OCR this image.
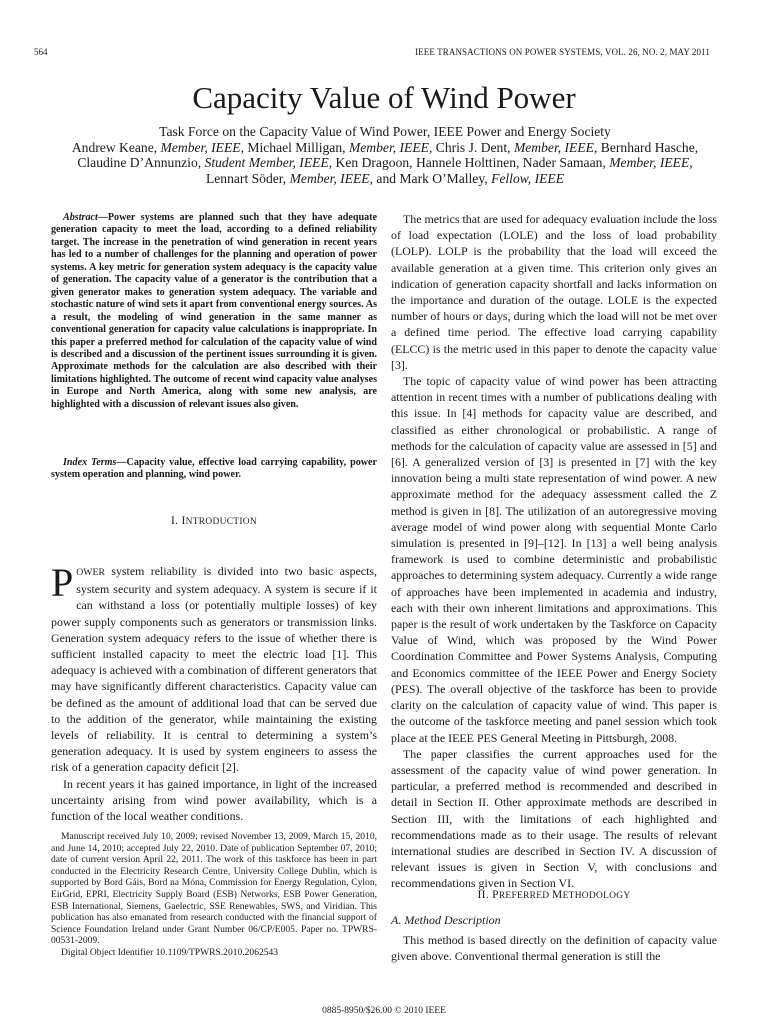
564	IEEE TRANSACTIONS ON POWER SYSTEMS, VOL. 26, NO. 2, MAY 2011
Capacity Value of Wind Power
Task Force on the Capacity Value of Wind Power, IEEE Power and Energy Society
Andrew Keane, Member, IEEE, Michael Milligan, Member, IEEE, Chris J. Dent, Member, IEEE, Bernhard Hasche,
Claudine D’Annunzio, Student Member, IEEE, Ken Dragoon, Hannele Holttinen, Nader Samaan, Member, IEEE,
Lennart Söder, Member, IEEE, and Mark O’Malley, Fellow, IEEE
Abstract—Power systems are planned such that they have adequate generation capacity to meet the load, according to a defined reliability target. The increase in the penetration of wind generation in recent years has led to a number of challenges for the planning and operation of power systems. A key metric for generation system adequacy is the capacity value of generation. The capacity value of a generator is the contribution that a given generator makes to generation system adequacy. The variable and stochastic nature of wind sets it apart from conventional energy sources. As a result, the modeling of wind generation in the same manner as conventional generation for capacity value calculations is inappropriate. In this paper a preferred method for calculation of the capacity value of wind is described and a discussion of the pertinent issues surrounding it is given. Approximate methods for the calculation are also described with their limitations highlighted. The outcome of recent wind capacity value analyses in Europe and North America, along with some new analysis, are highlighted with a discussion of relevant issues also given.
Index Terms—Capacity value, effective load carrying capability, power system operation and planning, wind power.
I. INTRODUCTION

POWER system reliability is divided into two basic aspects, system security and system adequacy. A system is secure if it can withstand a loss (or potentially multiple losses) of key power supply components such as generators or transmission links. Generation system adequacy refers to the issue of whether there is sufficient installed capacity to meet the electric load [1]. This adequacy is achieved with a combination of different generators that may have significantly different characteristics. Capacity value can be defined as the amount of additional load that can be served due to the addition of the generator, while maintaining the existing levels of reliability. It is central to determining a system’s generation adequacy. It is used by system engineers to assess the risk of a generation capacity deficit [2].

In recent years it has gained importance, in light of the increased uncertainty arising from wind power availability, which is a function of the local weather conditions.

Manuscript received July 10, 2009; revised November 13, 2009, March 15, 2010, and June 14, 2010; accepted July 22, 2010. Date of publication September 07, 2010; date of current version April 22, 2011. The work of this taskforce has been in part conducted in the Electricity Research Centre, University College Dublin, which is supported by Bord Gáis, Bord na Móna, Commission for Energy Regulation, Cylon, EirGrid, EPRI, Electricity Supply Board (ESB) Networks, ESB Power Generation, ESB International, Siemens, Gaelectric, SSE Renewables, SWS, and Viridian. This publication has also emanated from research conducted with the financial support of Science Foundation Ireland under Grant Number 06/CP/E005. Paper no. TPWRS-00531-2009.

Digital Object Identifier 10.1109/TPWRS.2010.2062543

The metrics that are used for adequacy evaluation include the loss of load expectation (LOLE) and the loss of load probability (LOLP). LOLP is the probability that the load will exceed the available generation at a given time. This criterion only gives an indication of generation capacity shortfall and lacks information on the importance and duration of the outage. LOLE is the expected number of hours or days, during which the load will not be met over a defined time period. The effective load carrying capability (ELCC) is the metric used in this paper to denote the capacity value [3].

The topic of capacity value of wind power has been attracting attention in recent times with a number of publications dealing with this issue. In [4] methods for capacity value are described, and classified as either chronological or probabilistic. A range of methods for the calculation of capacity value are assessed in [5] and [6]. A generalized version of [3] is presented in [7] with the key innovation being a multi state representation of wind power. A new approximate method for the adequacy assessment called the Z method is given in [8]. The utilization of an autoregressive moving average model of wind power along with sequential Monte Carlo simulation is presented in [9]–[12]. In [13] a well being analysis framework is used to combine deterministic and probabilistic approaches to determining system adequacy. Currently a wide range of approaches have been implemented in academia and industry, each with their own inherent limitations and approximations. This paper is the result of work undertaken by the Taskforce on Capacity Value of Wind, which was proposed by the Wind Power Coordination Committee and Power Systems Analysis, Computing and Economics committee of the IEEE Power and Energy Society (PES). The overall objective of the taskforce has been to provide clarity on the calculation of capacity value of wind. This paper is the outcome of the taskforce meeting and panel session which took place at the IEEE PES General Meeting in Pittsburgh, 2008.

The paper classifies the current approaches used for the assessment of the capacity value of wind power generation. In particular, a preferred method is recommended and described in detail in Section II. Other approximate methods are described in Section III, with the limitations of each highlighted and recommendations made as to their usage. The results of relevant international studies are described in Section IV. A discussion of relevant issues is given in Section V, with conclusions and recommendations given in Section VI.

II. PREFERRED METHODOLOGY
A. Method Description

This method is based directly on the definition of capacity value given above. Conventional thermal generation is still the

0885-8950/$26.00 © 2010 IEEE
